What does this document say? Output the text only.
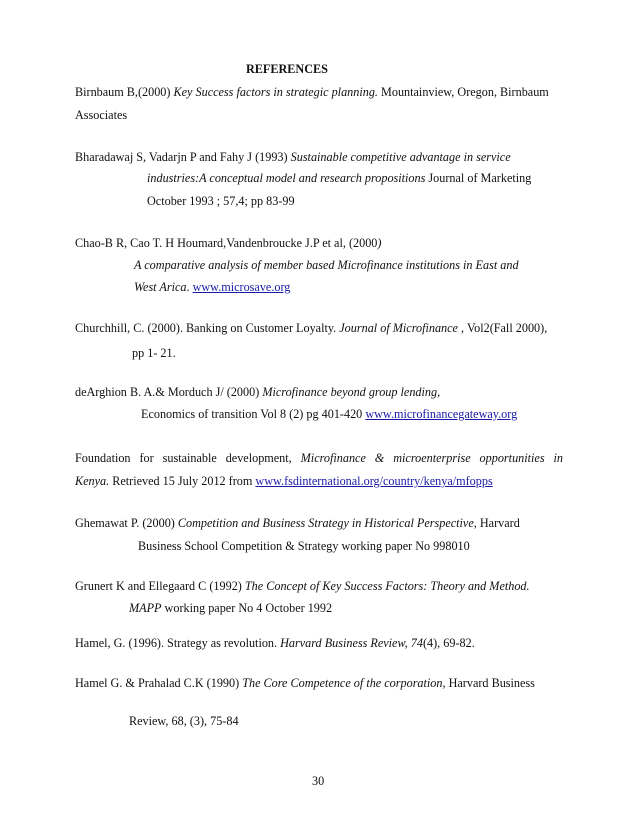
REFERENCES
Birnbaum B,(2000) Key Success factors in strategic planning. Mountainview, Oregon, Birnbaum
Associates
Bharadawaj S, Vadarjn P and Fahy J (1993) Sustainable competitive advantage in service
industries:A conceptual model and research propositions Journal of Marketing
October 1993 ; 57,4; pp 83-99
Chao-B R, Cao T. H Houmard,Vandenbroucke J.P et al, (2000)
A comparative analysis of member based Microfinance institutions in East and
West Arica. www.microsave.org
Churchhill, C. (2000). Banking on Customer Loyalty. Journal of Microfinance , Vol2(Fall 2000),
pp 1- 21.
deArghion B. A.& Morduch J/ (2000) Microfinance beyond group lending,
Economics of transition Vol 8 (2) pg 401-420 www.microfinancegateway.org
Foundation for sustainable development, Microfinance & microenterprise opportunities in
Kenya. Retrieved 15 July 2012 from www.fsdinternational.org/country/kenya/mfopps
Ghemawat P. (2000) Competition and Business Strategy in Historical Perspective, Harvard
Business School Competition & Strategy working paper No 998010
Grunert K and Ellegaard C (1992) The Concept of Key Success Factors: Theory and Method.
MAPP working paper No 4 October 1992
Hamel, G. (1996). Strategy as revolution. Harvard Business Review, 74(4), 69-82.
Hamel G. & Prahalad C.K (1990) The Core Competence of the corporation, Harvard Business
Review, 68, (3), 75-84
30
